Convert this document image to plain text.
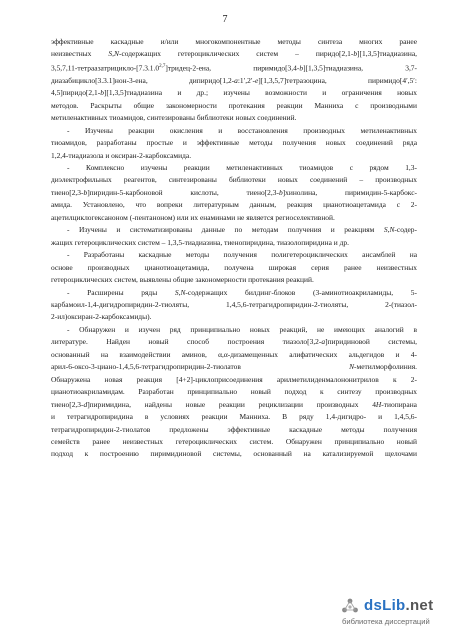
7
эффективные каскадные и/или многокомпонентные методы синтеза многих ранее
неизвестных S,N-содержащих гетероциклических систем – пиридо[2,1-b][1,3,5]тиадиазина,
3,5,7,11-тетраазатрицикло-[7.3.1.0$^{2,7}$]тридец-2-ена, пиримидо[3,4-b][1,3,5]тиадиазина, 3,7-
диазабицикло[3.3.1]нон-3-ена, дипиридо[1,2-a:1′,2′-e][1,3,5,7]тетразоцина, пиримидо[4′,5′:
4,5]пиридо[2,1-b][1,3,5]тиадиазина и др.; изучены возможности и ограничения новых
методов. Раскрыты общие закономерности протекания реакции Манниха с производными
метиленактивных тиоамидов, синтезированы библиотеки новых соединений.
- Изучены реакции окисления и восстановления производных метиленактивных
тиоамидов, разработаны простые и эффективные методы получения новых соединений ряда
1,2,4-тиадиазола и оксиран-2-карбоксамида.
- Комплексно изучены реакции метиленактивных тиоамидов с рядом 1,3-
диэлектрофильных реагентов, синтезированы библиотеки новых соединений – производных
тиено[2,3-b]пиридин-5-карбоновой кислоты, тиено[2,3-b]хинолина, пиримидин-5-карбокс-
амида. Установлено, что вопреки литературным данным, реакция цианотиоацетамида с 2-
ацетилциклогексаноном (-пентаноном) или их енаминами не является региоселективной.
- Изучены и систематизированы данные по методам получения и реакциям S,N-содер-
жащих гетероциклических систем – 1,3,5-тиадиазина, тиенопиридина, тиазолопиридина и др.
- Разработаны каскадные методы получения полигетероциклических ансамблей на
основе производных цианотиоацетамида, получена широкая серия ранее неизвестных
гетероциклических систем, выявлены общие закономерности протекания реакций.
- Расширены ряды S,N-содержащих билдинг-блоков (3-аминотиоакриламиды, 5-
карбамоил-1,4-дигидропиридин-2-тиоляты, 1,4,5,6-тетрагидропиридин-2-тиоляты, 2-(тиазол-
2-ил)оксиран-2-карбоксамиды).
- Обнаружен и изучен ряд принципиально новых реакций, не имеющих аналогий в
литературе. Найден новый способ построения тиазоло[3,2-a]пиридиновой системы,
основанный на взаимодействии аминов, α,α-дизамещенных алифатических альдегидов и 4-
арил-6-оксо-3-циано-1,4,5,6-тетрагидропиридин-2-тиолатов N-метилморфолиния.
Обнаружена новая реакция [4+2]-циклоприсоединения арилметилиденмалононитрилов к 2-
цианотиоакриламидам. Разработан принципиально новый подход к синтезу производных
тиено[2,3-d]пиримидина, найдены новые реакции рециклизации производных 4H-тиопирана
и тетрагидропиридина в условиях реакции Манниха. В ряду 1,4-дигидро- и 1,4,5,6-
тетрагидропиридин-2-тиолатов предложены эффективные каскадные методы получения
семейств ранее неизвестных гетероциклических систем. Обнаружен принципиально новый
подход к построению пиримидиновой системы, основанный на катализируемой щелочами
dsLib.net
библиотека диссертаций
